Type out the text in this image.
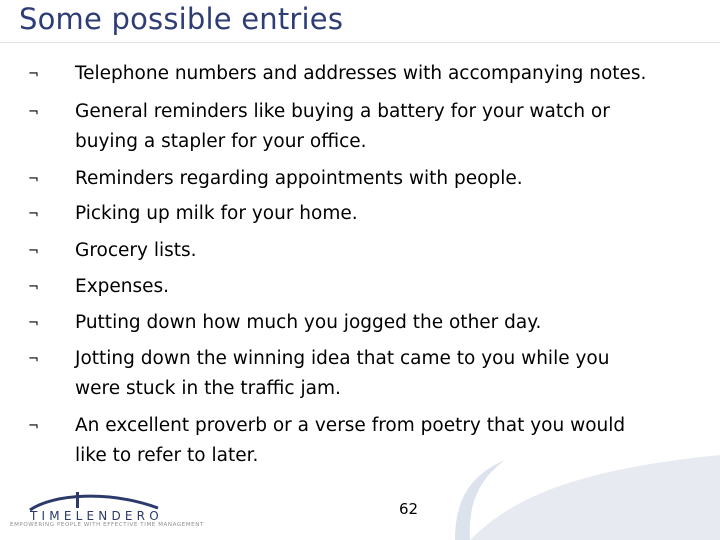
Some possible entries
¬ Telephone numbers and addresses with accompanying notes.
¬ General reminders like buying a battery for your watch or
buying a stapler for your office.
¬ Reminders regarding appointments with people.
¬ Picking up milk for your home.
¬ Grocery lists.
¬ Expenses.
¬ Putting down how much you jogged the other day.
¬ Jotting down the winning idea that came to you while you
were stuck in the traffic jam.
¬ An excellent proverb or a verse from poetry that you would
like to refer to later.
TIMELENDERO
EMPOWERING PEOPLE WITH EFFECTIVE TIME MANAGEMENT
62
